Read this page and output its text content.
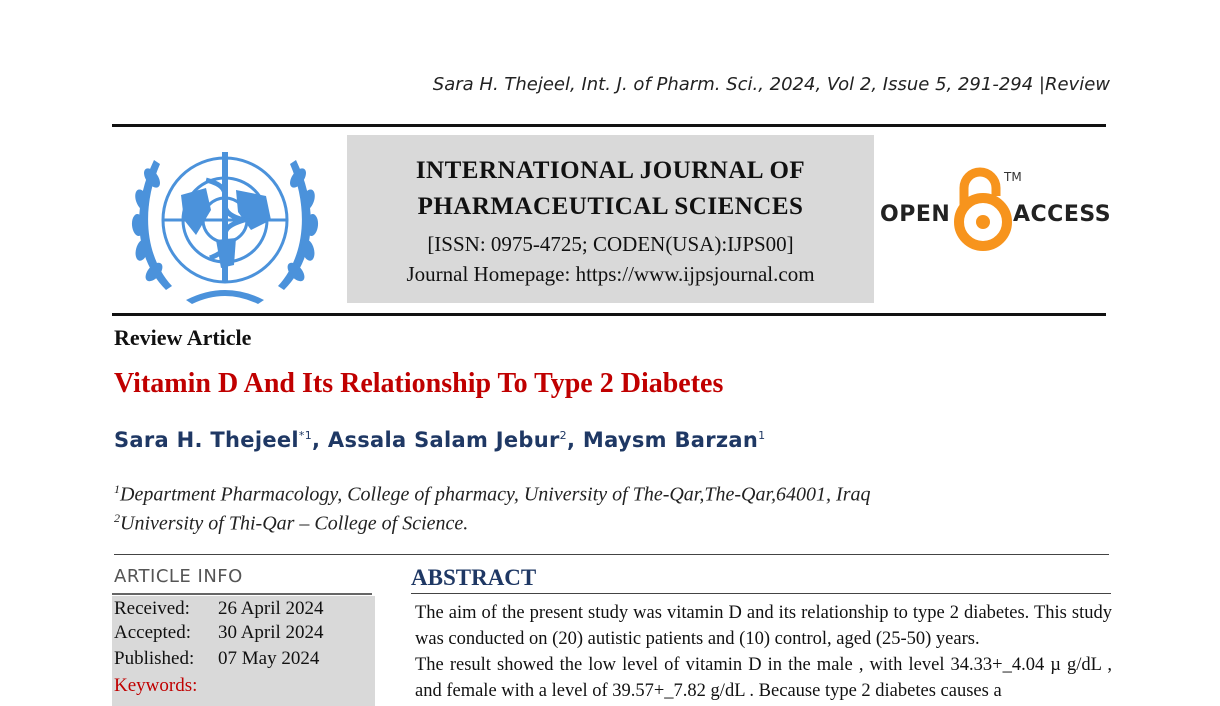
Sara H. Thejeel, Int. J. of Pharm. Sci., 2024, Vol 2, Issue 5, 291-294 |Review
INTERNATIONAL JOURNAL OF
PHARMACEUTICAL SCIENCES
[ISSN: 0975-4725; CODEN(USA):IJPS00]
Journal Homepage: https://www.ijpsjournal.com
OPEN
TM
ACCESS
Review Article
Vitamin D And Its Relationship To Type 2 Diabetes
Sara H. Thejeel$^{*1}$, Assala Salam Jebur$^2$, Maysm Barzan$^1$
$^1$Department Pharmacology, College of pharmacy, University of The-Qar,The-Qar,64001, Iraq
$^2$University of Thi-Qar – College of Science.
ARTICLE INFO
Received: 26 April 2024
Accepted: 30 April 2024
Published: 07 May 2024
Keywords:
ABSTRACT

The aim of the present study was vitamin D and its relationship to type 2 diabetes. This study was conducted on (20) autistic patients and (10) control, aged (25-50) years.

The result showed the low level of vitamin D in the male , with level 34.33+_4.04 µ g/dL , and female with a level of 39.57+_7.82 g/dL . Because type 2 diabetes causes a
